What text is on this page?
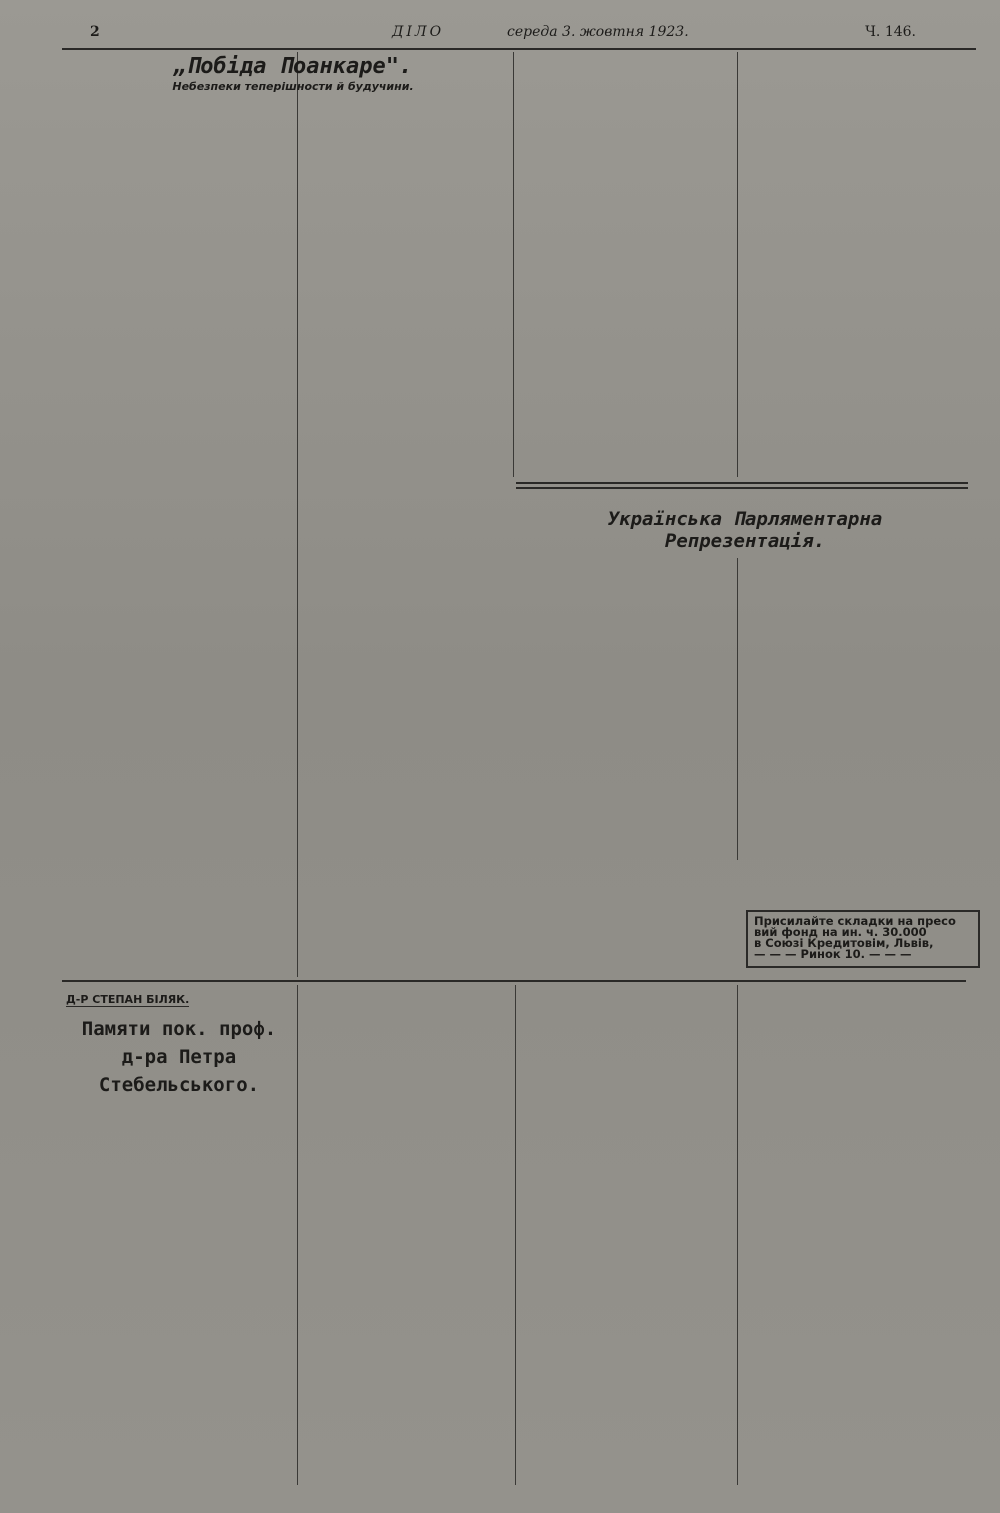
2	ДІЛО	середа 3. жовтня 1923.	Ч. 146.
„Побіда Поанкаре".
Небезпеки теперішности й будучини.
Українська Парляментарна Репрезентація.
Присилайте складки на пресо
вий фонд на ин. ч. 30.000
в Союзі Кредитовім, Львів,
— — — Ринок 10. — — —
Д-Р СТЕПАН БІЛЯК.
Памяти пок. проф. д-ра Петра Стебельського.
